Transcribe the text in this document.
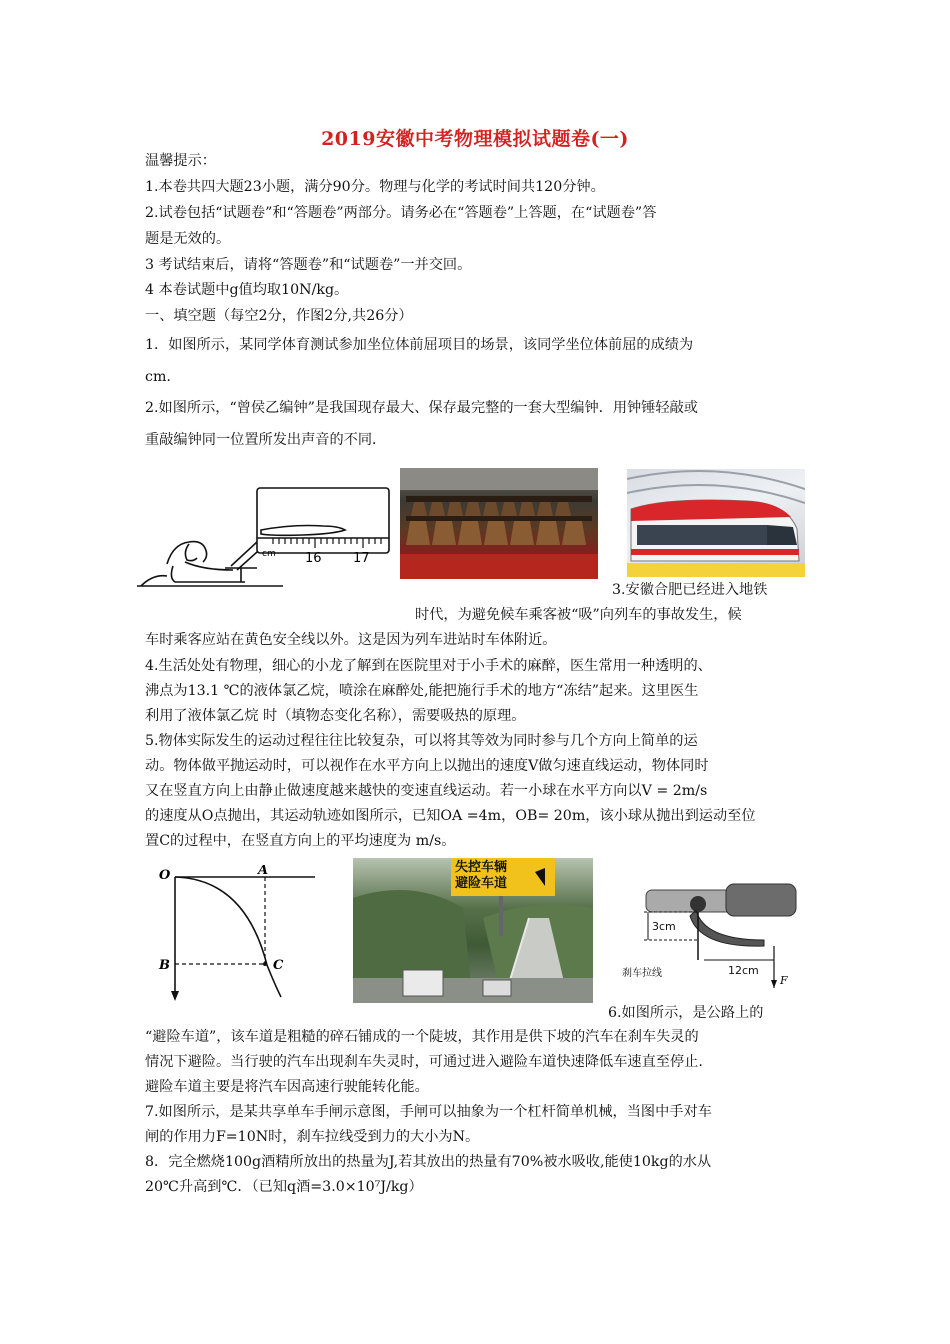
2019安徽中考物理模拟试题卷(一)
温馨提示：
1.本卷共四大题23小题，满分90分。物理与化学的考试时间共120分钟。
2.试卷包括“试题卷”和“答题卷”两部分。请务必在“答题卷”上答题，在“试题卷”答
题是无效的。
3 考试结束后，请将“答题卷”和“试题卷”一并交回。
4 本卷试题中g值均取10N/kg。
一、填空题（每空2分，作图2分,共26分）
1．如图所示，某同学体育测试参加坐位体前屈项目的场景，该同学坐位体前屈的成绩为
cm.
2.如图所示，“曾侯乙编钟”是我国现存最大、保存最完整的一套大型编钟．用钟锤轻敲或
重敲编钟同一位置所发出声音的不同．
cm 16 17
3.安徽合肥已经进入地铁
时代，为避免候车乘客被“吸”向列车的事故发生，候
车时乘客应站在黄色安全线以外。这是因为列车进站时车体附近。
4.生活处处有物理，细心的小龙了解到在医院里对于小手术的麻醉，医生常用一种透明的、
沸点为13.1 ℃的液体氯乙烷，喷涂在麻醉处,能把施行手术的地方“冻结”起来。这里医生
利用了液体氯乙烷 时（填物态变化名称），需要吸热的原理。
5.物体实际发生的运动过程往往比较复杂，可以将其等效为同时参与几个方向上简单的运
动。物体做平抛运动时，可以视作在水平方向上以抛出的速度V做匀速直线运动，物体同时
又在竖直方向上由静止做速度越来越快的变速直线运动。若一小球在水平方向以V = 2m/s
的速度从O点抛出，其运动轨迹如图所示，已知OA =4m，OB= 20m，该小球从抛出到运动至位
置C的过程中，在竖直方向上的平均速度为 m/s。
O	A
B	C
失控车辆
避险车道
3cm
12cm
刹车拉线
F
6.如图所示，是公路上的
“避险车道”，该车道是粗糙的碎石铺成的一个陡坡，其作用是供下坡的汽车在刹车失灵的
情况下避险。当行驶的汽车出现刹车失灵时，可通过进入避险车道快速降低车速直至停止.
避险车道主要是将汽车因高速行驶能转化能。
7.如图所示，是某共享单车手闸示意图，手闸可以抽象为一个杠杆简单机械，当图中手对车
闸的作用力F=10N时，刹车拉线受到力的大小为N。
8．完全燃烧100g酒精所放出的热量为J,若其放出的热量有70%被水吸收,能使10kg的水从
20℃升高到℃．（已知q酒=3.0×10⁷J/kg）
